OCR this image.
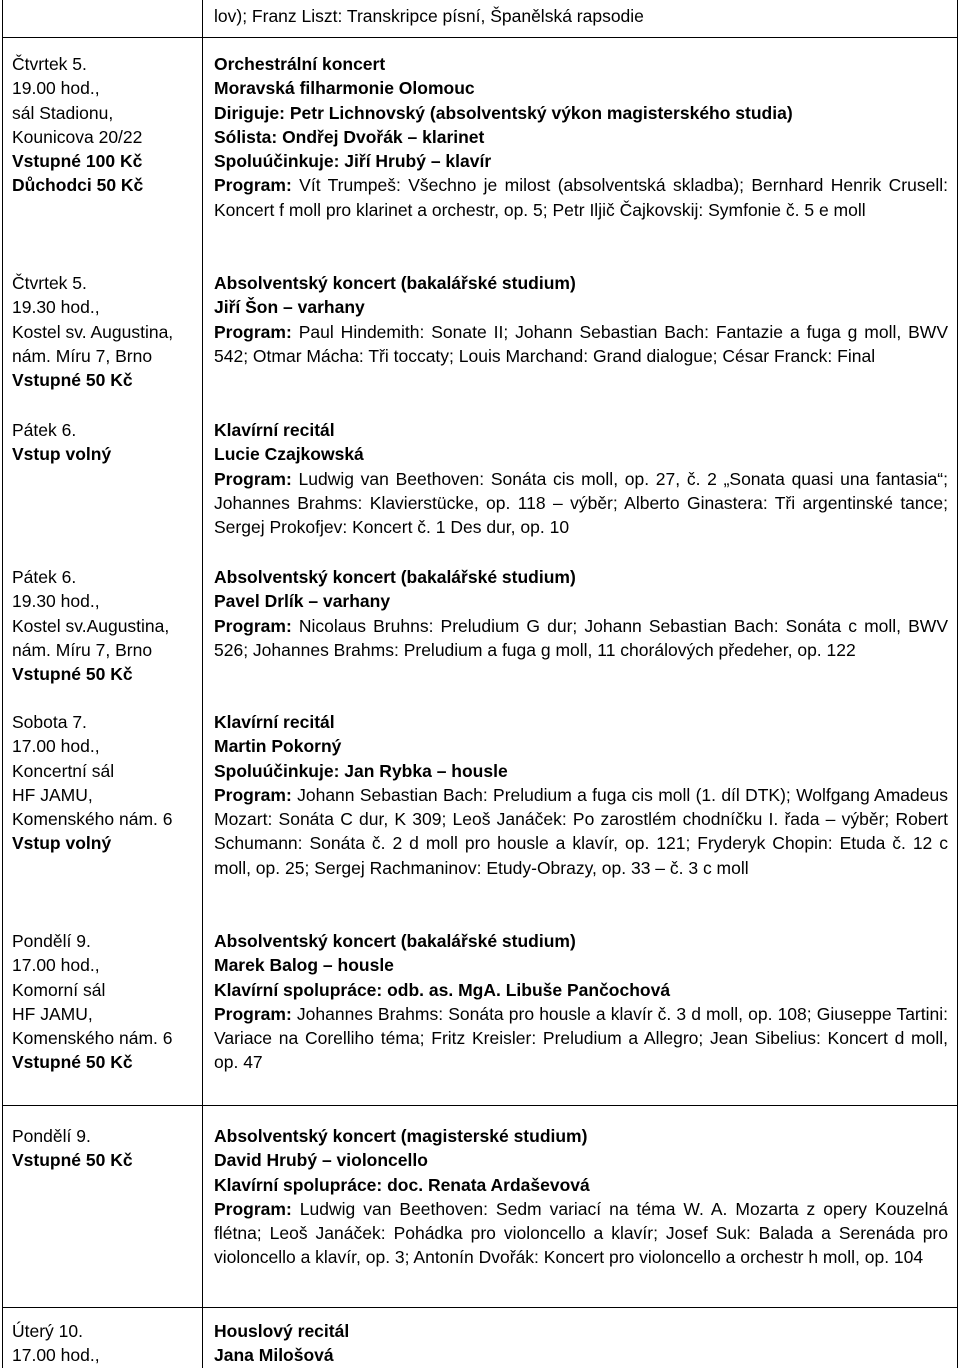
lov); Franz Liszt: Transkripce písní, Španělská rapsodie
Čtvrtek 5.
19.00 hod.,
sál Stadionu,
Kounicova 20/22
Vstupné 100 Kč
Důchodci 50 Kč
Orchestrální koncert
Moravská filharmonie Olomouc
Diriguje: Petr Lichnovský (absolventský výkon magisterského studia)
Sólista: Ondřej Dvořák – klarinet
Spoluúčinkuje: Jiří Hrubý – klavír

Program: Vít Trumpeš: Všechno je milost (absolventská skladba); Bernhard Henrik Crusell: Koncert f moll pro klarinet a orchestr, op. 5; Petr Iljič Čajkovskij: Symfonie č. 5 e moll

Čtvrtek 5.
19.30 hod.,
Kostel sv. Augustina,
nám. Míru 7, Brno
Vstupné 50 Kč
Absolventský koncert (bakalářské studium)
Jiří Šon – varhany

Program: Paul Hindemith: Sonate II; Johann Sebastian Bach: Fantazie a fuga g moll, BWV 542; Otmar Mácha: Tři toccaty; Louis Marchand: Grand dialogue; César Franck: Final

Pátek 6.
Vstup volný
Klavírní recitál
Lucie Czajkowská

Program: Ludwig van Beethoven: Sonáta cis moll, op. 27, č. 2 „Sonata quasi una fantasia“; Johannes Brahms: Klavierstücke, op. 118 – výběr; Alberto Ginastera: Tři argentinské tance; Sergej Prokofjev: Koncert č. 1 Des dur, op. 10

Pátek 6.
19.30 hod.,
Kostel sv.Augustina,
nám. Míru 7, Brno
Vstupné 50 Kč
Absolventský koncert (bakalářské studium)
Pavel Drlík – varhany

Program: Nicolaus Bruhns: Preludium G dur; Johann Sebastian Bach: Sonáta c moll, BWV 526; Johannes Brahms: Preludium a fuga g moll, 11 chorálových předeher, op. 122

Sobota 7.
17.00 hod.,
Koncertní sál
HF JAMU,
Komenského nám. 6
Vstup volný
Klavírní recitál
Martin Pokorný
Spoluúčinkuje: Jan Rybka – housle

Program: Johann Sebastian Bach: Preludium a fuga cis moll (1. díl DTK); Wolfgang Amadeus Mozart: Sonáta C dur, K 309; Leoš Janáček: Po zarostlém chodníčku I. řada – výběr; Robert Schumann: Sonáta č. 2 d moll pro housle a klavír, op. 121; Fryderyk Chopin: Etuda č. 12 c moll, op. 25; Sergej Rachmaninov: Etudy-Obrazy, op. 33 – č. 3 c moll

Pondělí 9.
17.00 hod.,
Komorní sál
HF JAMU,
Komenského nám. 6
Vstupné 50 Kč
Absolventský koncert (bakalářské studium)
Marek Balog – housle
Klavírní spolupráce: odb. as. MgA. Libuše Pančochová

Program: Johannes Brahms: Sonáta pro housle a klavír č. 3 d moll, op. 108; Giuseppe Tartini: Variace na Corelliho téma; Fritz Kreisler: Preludium a Allegro; Jean Sibelius: Koncert d moll, op. 47

Pondělí 9.
Vstupné 50 Kč
Absolventský koncert (magisterské studium)
David Hrubý – violoncello
Klavírní spolupráce: doc. Renata Ardaševová

Program: Ludwig van Beethoven: Sedm variací na téma W. A. Mozarta z opery Kouzelná flétna; Leoš Janáček: Pohádka pro violoncello a klavír; Josef Suk: Balada a Serenáda pro violoncello a klavír, op. 3; Antonín Dvořák: Koncert pro violoncello a orchestr h moll, op. 104

Úterý 10.
17.00 hod.,
Houslový recitál
Jana Milošová
